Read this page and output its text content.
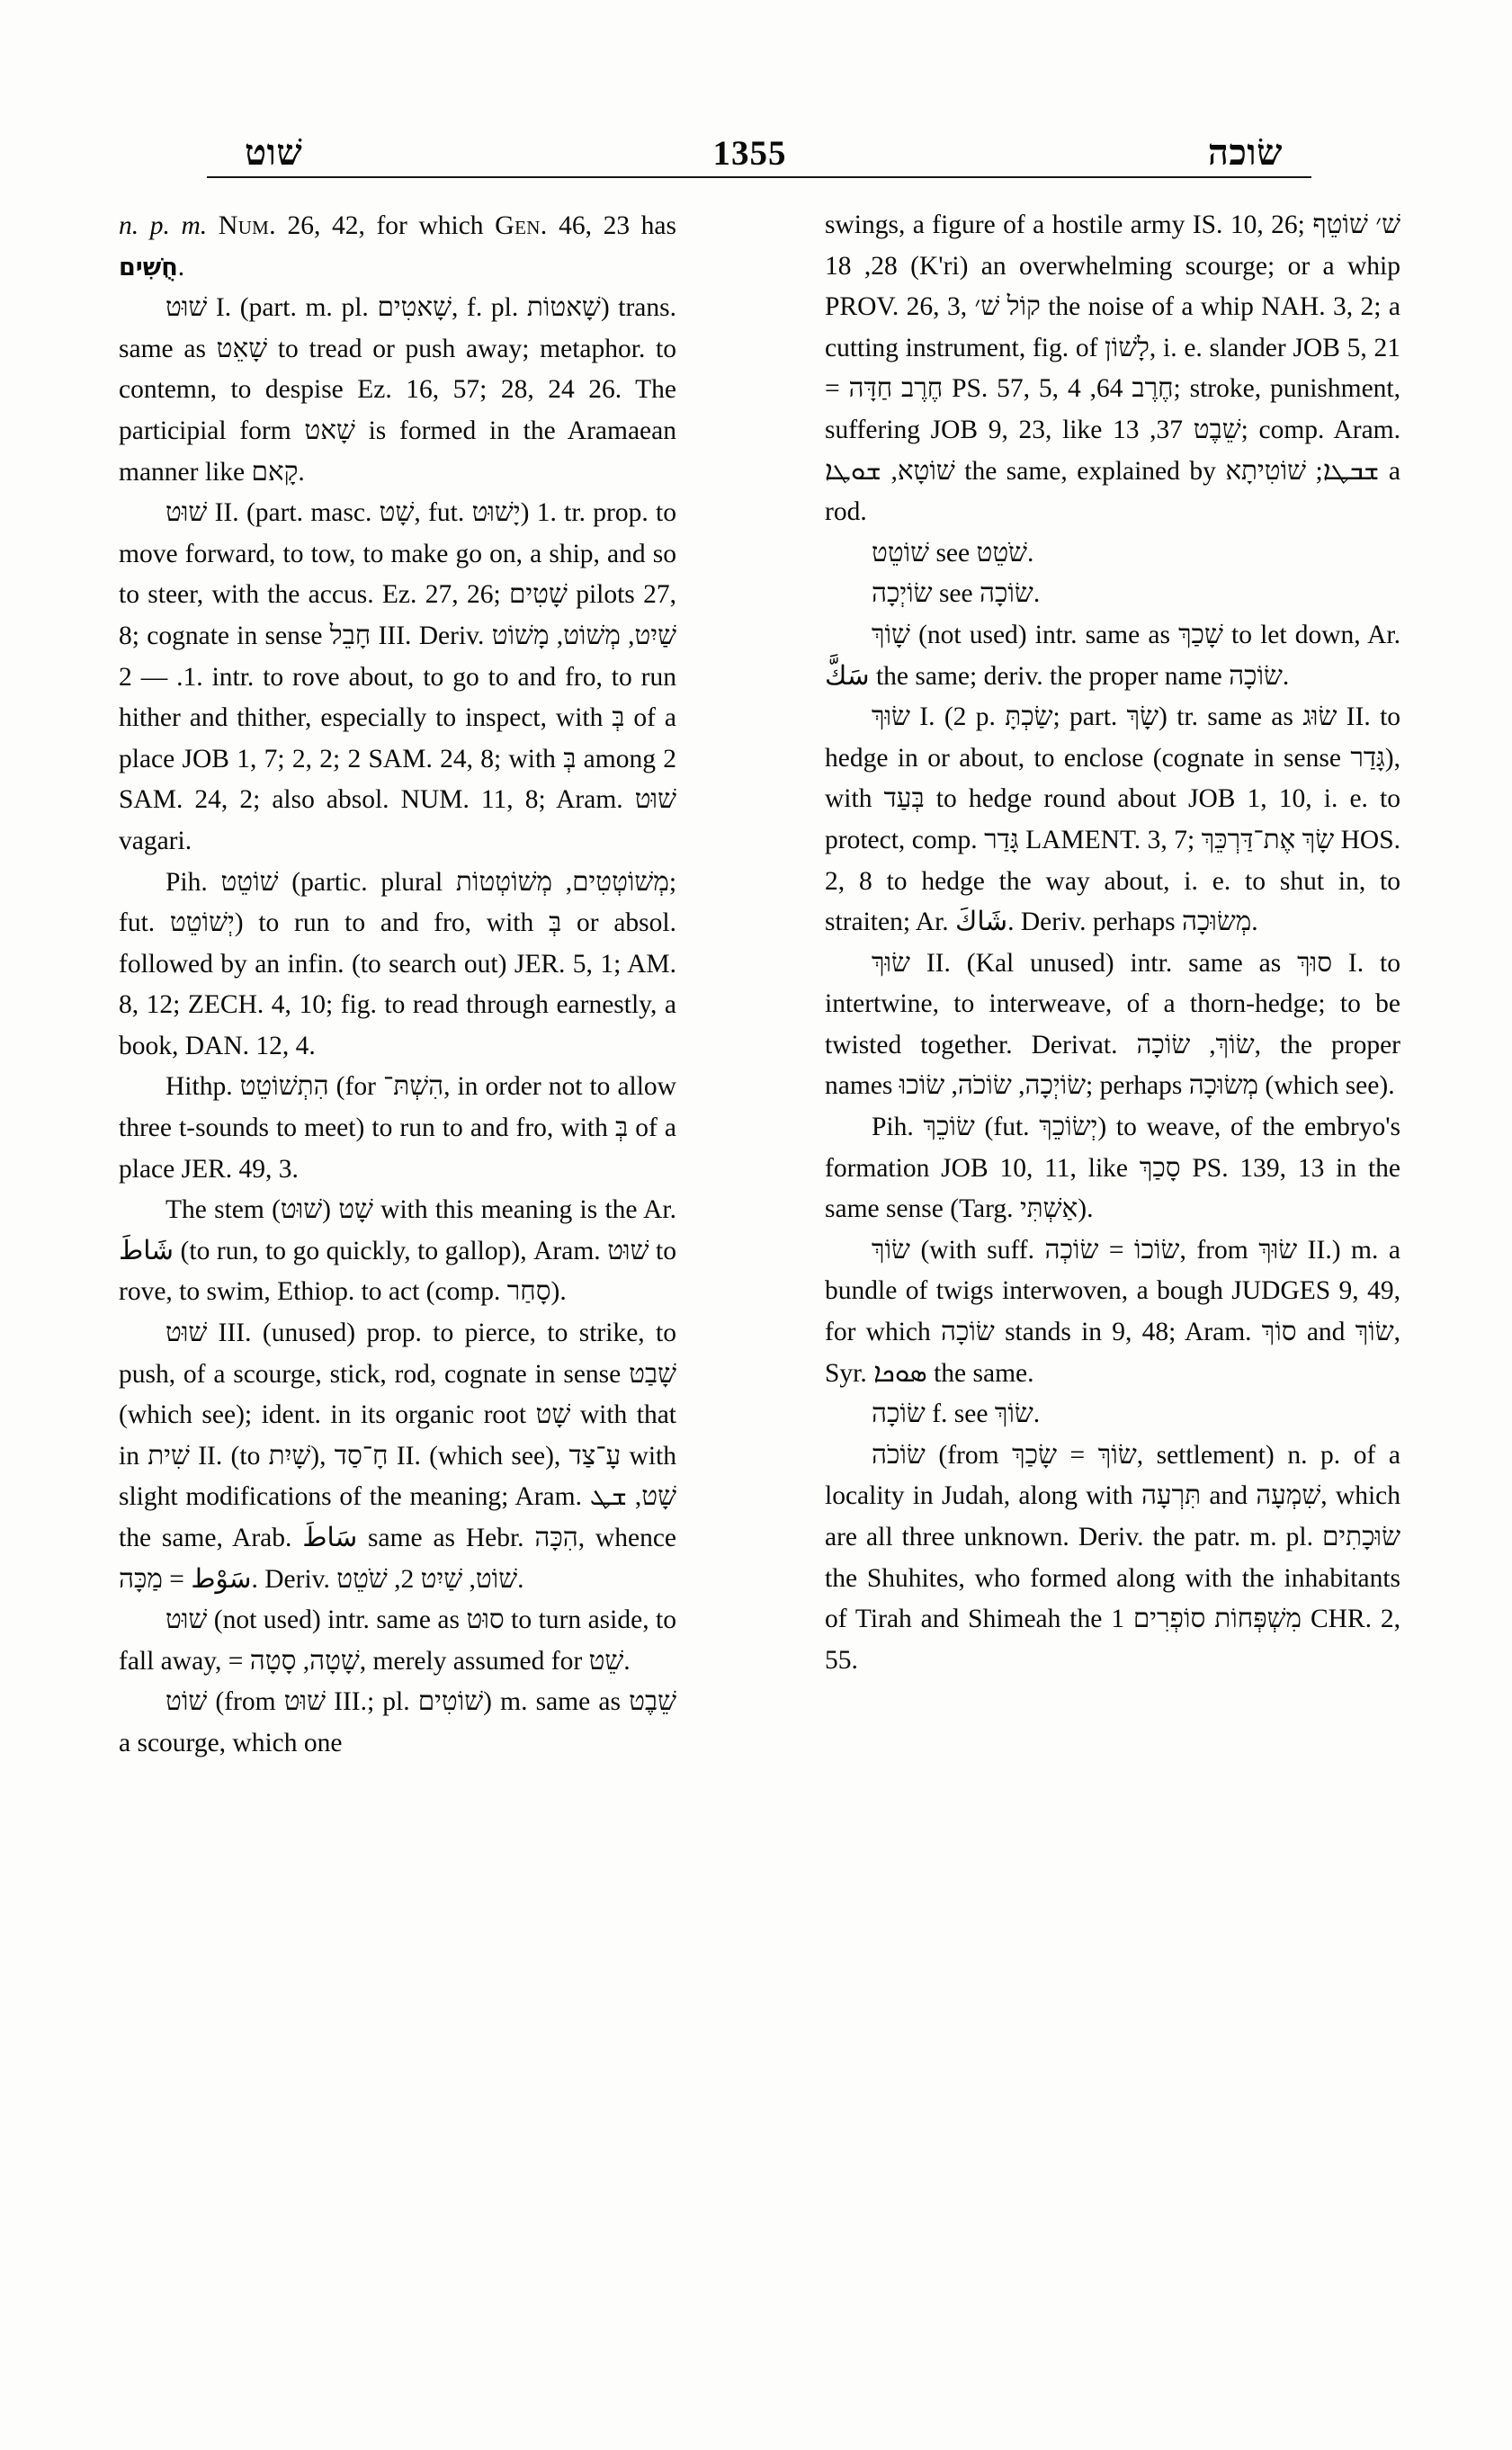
שׁוט	1355	שׂוכה

n. p. m. Num. 26, 42, for which Gen. 46, 23 has חֻשִׁים.

שׁוּט I. (part. m. pl. שָׁאטִים, f. pl. שָׁאטוֹת) trans. same as שָׁאֵט to tread or push away; metaphor. to contemn, to despise Ez. 16, 57; 28, 24 26. The participial form שָׁאט is formed in the Aramaean manner like קָאם.

שׁוּט II. (part. masc. שָׁט, fut. יָשׁוּט) 1. tr. prop. to move forward, to tow, to make go on, a ship, and so to steer, with the accus. Ez. 27, 26; שָׁטִים pilots 27, 8; cognate in sense חָבֵל III. Deriv. שַׁיִט, מְשׁוֹט, מָשׁוֹט 1. — 2. intr. to rove about, to go to and fro, to run hither and thither, especially to inspect, with בְּ of a place JOB 1, 7; 2, 2; 2 SAM. 24, 8; with בְּ among 2 SAM. 24, 2; also absol. NUM. 11, 8; Aram. שׁוּט vagari.

Pih. שׁוֹטֵט (partic. plural מְשׁוֹטְטִים, מְשׁוֹטְטוֹת; fut. יְשׁוֹטֵט) to run to and fro, with בְּ or absol. followed by an infin. (to search out) JER. 5, 1; AM. 8, 12; ZECH. 4, 10; fig. to read through earnestly, a book, DAN. 12, 4.

Hithp. הִתְשׁוֹטֵט (for הִשְׁתּ־, in order not to allow three t-sounds to meet) to run to and fro, with בְּ of a place JER. 49, 3.

The stem שָׁט (שׁוּט) with this meaning is the Ar. شَاطَ (to run, to go quickly, to gallop), Aram. שׁוּט to rove, to swim, Ethiop. to act (comp. סָחַר).

שׁוּט III. (unused) prop. to pierce, to strike, to push, of a scourge, stick, rod, cognate in sense שָׁבַט (which see); ident. in its organic root שָׁט with that in שִׁית II. (to שָׁיִת), חָ־סַד II. (which see), עָ־צַד with slight modifications of the meaning; Aram. שָׁט, ܫܛ the same, Arab. سَاطَ same as Hebr. הִכָּה, whence سَوْط = מַכָּה. Deriv. שׁוֹט, שַׁיִט 2, שֹׁטֵט.

שׁוּט (not used) intr. same as סוּט to turn aside, to fall away, = שָׁטָה, סָטָה, merely assumed for שֵׁט.

שׁוֹט (from שׁוּט III.; pl. שׁוֹטִים) m. same as שֵׁבֶט a scourge, which one

swings, a figure of a hostile army IS. 10, 26; שׁ׳ שׁוֹטֵף 28, 18 (K'ri) an overwhelming scourge; or a whip PROV. 26, 3, קוֹל שׁ׳ the noise of a whip NAH. 3, 2; a cutting instrument, fig. of לָשׁוֹן, i. e. slander JOB 5, 21 = חֶרֶב חַדָּה PS. 57, 5, חֶרֶב 64, 4; stroke, punishment, suffering JOB 9, 23, like שֵׁבֶט 37, 13; comp. Aram. שׁוֹטָא, ܫܘܛܐ the same, explained by ܫܒܛܐ; שׁוֹטִיתָא a rod.

שׁוֹטֵט see שֹׁטֵט.

שׂוֹיְכָה see שׂוֹכָה.

שָׁוֹךְ (not used) intr. same as שָׁכַךְ to let down, Ar. سَكَّ the same; deriv. the proper name שׂוֹכָה.

שׂוּךְ I. (2 p. שַׂכְתָּ; part. שָׂךְ) tr. same as שׂוּג II. to hedge in or about, to enclose (cognate in sense גָּדַר), with בְּעַד to hedge round about JOB 1, 10, i. e. to protect, comp. גָּדַר LAMENT. 3, 7; שָׂךְ אֶת־דַּרְכֵּךְ HOS. 2, 8 to hedge the way about, i. e. to shut in, to straiten; Ar. شَاكَ. Deriv. perhaps מְשׂוּכָה.

שׂוּךְ II. (Kal unused) intr. same as סוּךְ I. to intertwine, to interweave, of a thorn-hedge; to be twisted together. Derivat. שׂוֹךְ, שׂוֹכָה, the proper names שׂוֹיְכָה, שׂוֹכֹה, שׂוֹכוּ; perhaps מְשׂוּכָה (which see).

Pih. שׂוֹכֵךְ (fut. יְשׂוֹכֵךְ) to weave, of the embryo's formation JOB 10, 11, like סָכַךְ PS. 139, 13 in the same sense (Targ. אַשְׁתִּי).

שׂוֹךְ (with suff. שׂוֹכוֹ = שׂוֹכְה, from שׂוּךְ II.) m. a bundle of twigs interwoven, a bough JUDGES 9, 49, for which שׂוֹכָה stands in 9, 48; Aram. סוֹךְ and שׂוֹךְ, Syr. ܣܘܟܐ the same.

שׂוֹכָה f. see שׂוֹךְ.

שׂוֹכֹה (from שׂוֹךְ = שָׂכַךְ, settlement) n. p. of a locality in Judah, along with תִּרְעָה and שִׁמְעָה, which are all three unknown. Deriv. the patr. m. pl. שׂוּכָתִים the Shuhites, who formed along with the inhabitants of Tirah and Shimeah the מִשְׁפְּחוֹת סוֹפְרִים 1 CHR. 2, 55.
